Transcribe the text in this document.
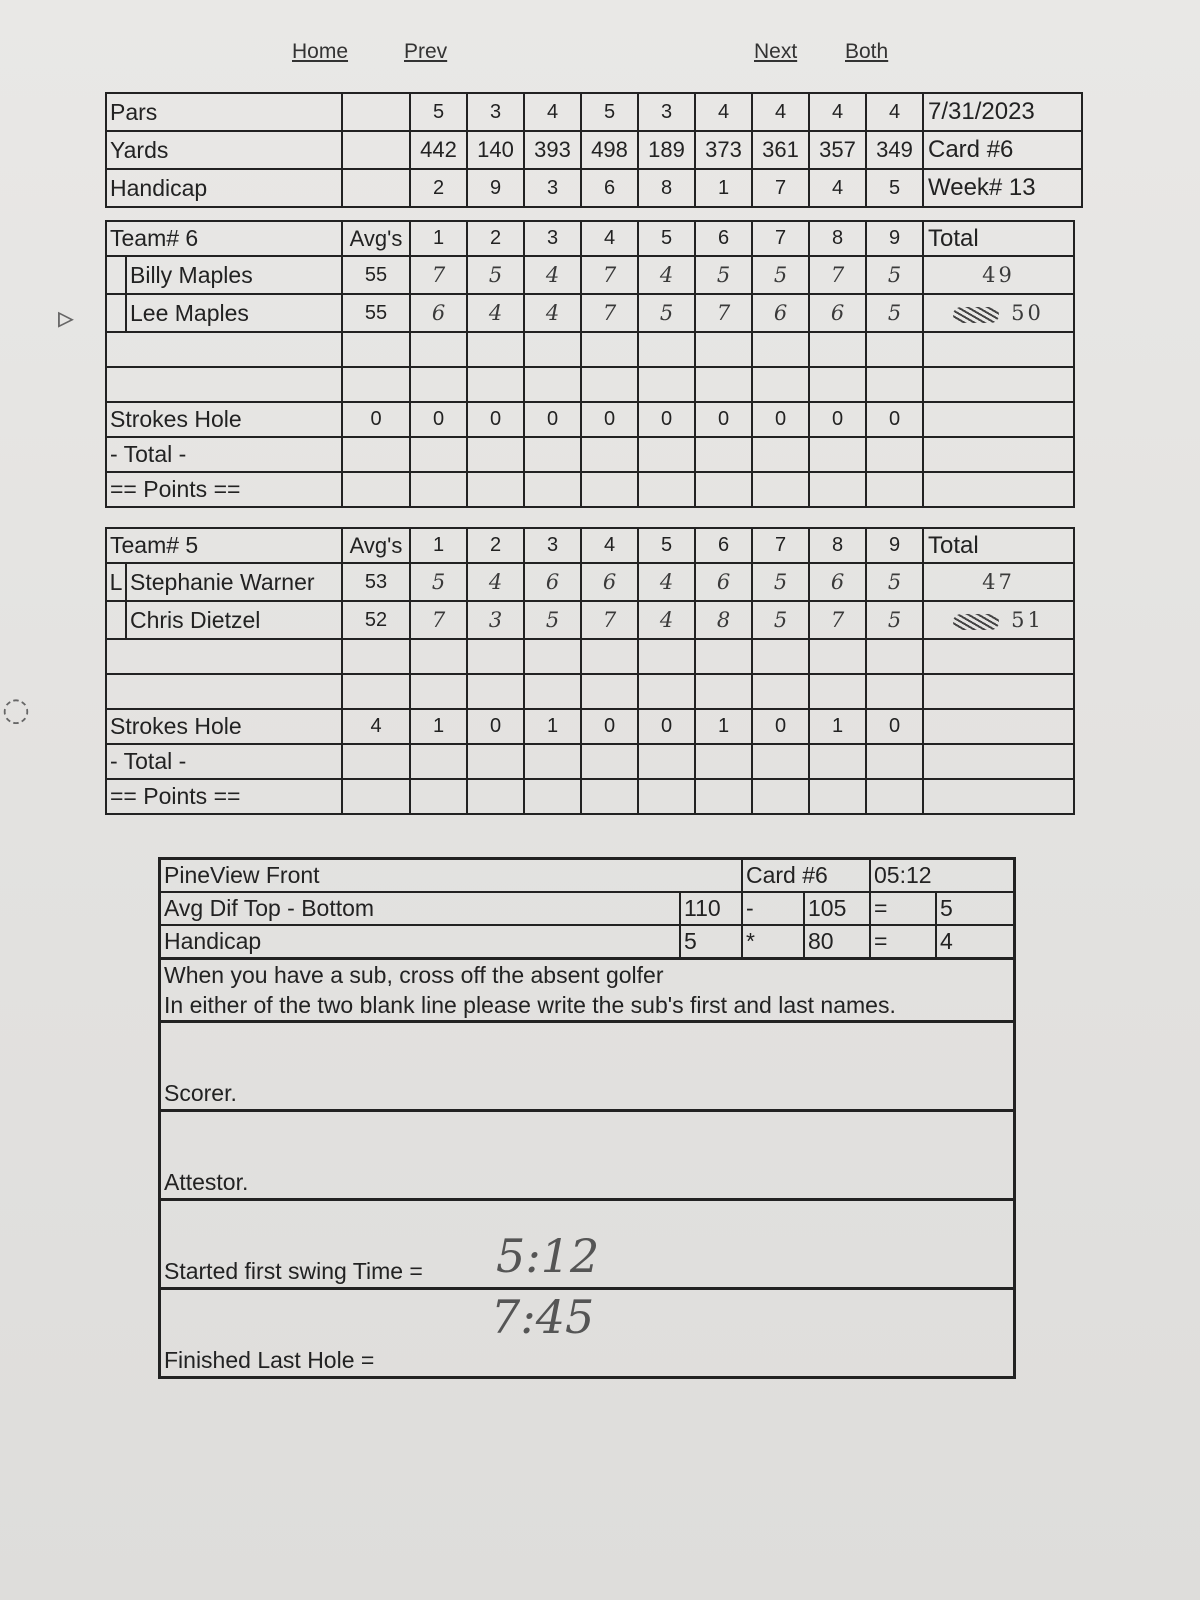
Home	Prev	Next Both
Pars		5	3	4	5	3	4	4	4	4	7/31/2023
Yards		442	140	393	498	189	373	361	357	349	Card #6
Handicap		2	9	3	6	8	1	7	4	5	Week# 13
Team# 6	Avg's	1	2	3	4	5	6	7	8	9	Total
Billy Maples	55	7	5	4	7	4	5	5	7	5	49
Lee Maples	55	6	4	4	7	5	7	6	6	5	50

Strokes Hole	0	0	0	0	0	0	0	0	0	0	
- Total -											
== Points ==											
Team# 5	Avg's	1	2	3	4	5	6	7	8	9	Total
L Stephanie Warner	53	5	4	6	6	4	6	5	6	5	47
Chris Dietzel	52	7	3	5	7	4	8	5	7	5	51

Strokes Hole	4	1	0	1	0	0	1	0	1	0	
- Total -											
== Points ==											
PineView Front	Card #6	05:12
Avg Dif Top - Bottom	110	-	105	=	5
Handicap	5	*	80	=	4
When you have a sub, cross off the absent golfer
In either of the two blank line please write the sub's first and last names.
Scorer.
Attestor.
Started first swing Time = 5:12
Finished Last Hole =
7:45
▹
◌
